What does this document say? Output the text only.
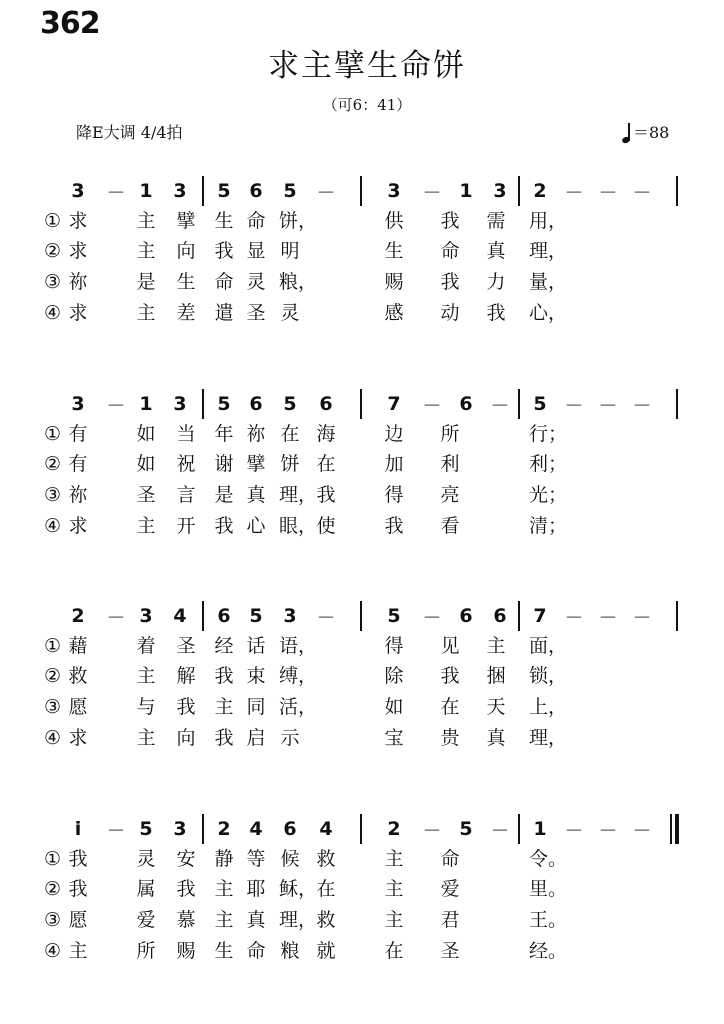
362
求主擘生命饼
（可6：41）
降E大调 4/4拍	＝88
3 － 1 3 5 6 5 －	3 － 1 3 2 － － －
① 求	主 擘 生 命 饼，	供 我 需 用，
② 求	主 向 我 显 明	生 命 真 理，
③ 祢	是 生 命 灵 粮，	赐 我 力 量，
④ 求	主 差 遣 圣 灵	感 动 我 心，
3 － 1 3 5 6 5 6	7 － 6 － 5 － － －
① 有	如 当 年 祢 在 海	边 所	行；
② 有	如 祝 谢 擘 饼 在	加 利	利；
③ 祢	圣 言 是 真 理， 我	得 亮	光；
④ 求	主 开 我 心 眼， 使	我 看	清；
2 － 3 4 6 5 3 －	5 － 6 6 7 － － －
① 藉	着 圣 经 话 语，	得 见 主 面，
② 救	主 解 我 束 缚，	除 我 捆 锁，
③ 愿	与 我 主 同 活，	如 在 天 上，
④ 求	主 向 我 启 示	宝 贵 真 理，
i	－ 5 3 2 4 6 4	2 － 5 － 1 － － －
① 我	灵 安 静 等 候 救	主 命	令。
② 我	属 我 主 耶 稣， 在	主 爱	里。
③ 愿	爱 慕 主 真 理， 救	主 君	王。
④ 主	所 赐 生 命 粮 就	在 圣	经。
